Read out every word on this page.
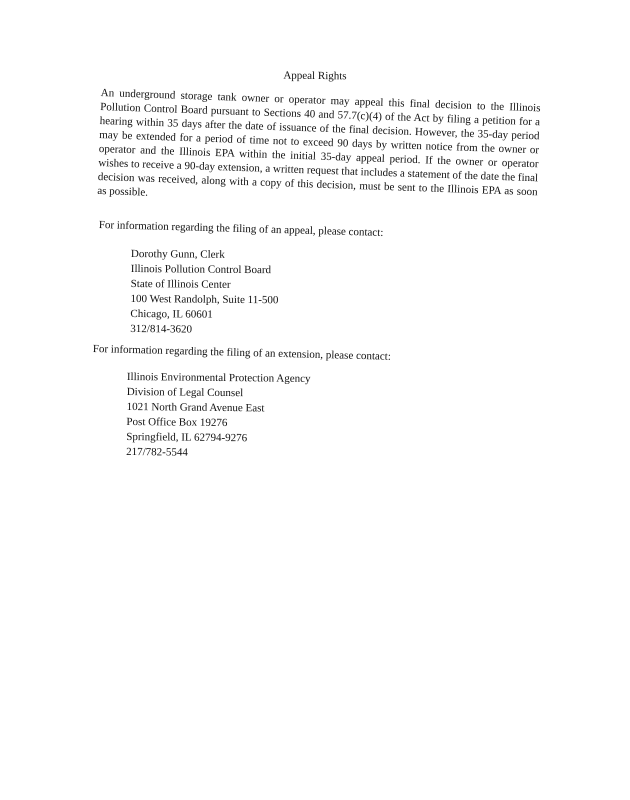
Appeal Rights
An underground storage tank owner or operator may appeal this final decision to the Illinois Pollution Control Board pursuant to Sections 40 and 57.7(c)(4) of the Act by filing a petition for a hearing within 35 days after the date of issuance of the final decision. However, the 35-day period may be extended for a period of time not to exceed 90 days by written notice from the owner or operator and the Illinois EPA within the initial 35-day appeal period. If the owner or operator wishes to receive a 90-day extension, a written request that includes a statement of the date the final decision was received, along with a copy of this decision, must be sent to the Illinois EPA as soon as possible.
For information regarding the filing of an appeal, please contact:
Dorothy Gunn, Clerk
Illinois Pollution Control Board
State of Illinois Center
100 West Randolph, Suite 11-500
Chicago, IL 60601
312/814-3620
For information regarding the filing of an extension, please contact:
Illinois Environmental Protection Agency
Division of Legal Counsel
1021 North Grand Avenue East
Post Office Box 19276
Springfield, IL 62794-9276
217/782-5544
